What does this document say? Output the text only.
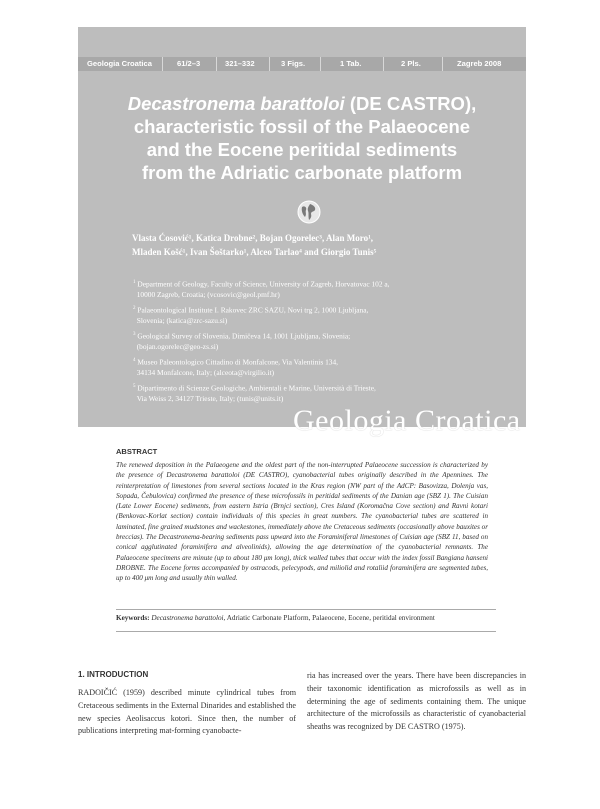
Geologia Croatica	61/2–3	321–332	3 Figs.	1 Tab.	2 Pls.	Zagreb 2008
Decastronema barattoloi (DE CASTRO),
characteristic fossil of the Palaeocene
and the Eocene peritidal sediments
from the Adriatic carbonate platform
Vlasta Ćosović¹, Katica Drobne², Bojan Ogorelec³, Alan Moro¹,
Mladen Košć¹, Ivan Šoštarko¹, Alceo Tarlao⁴ and Giorgio Tunis⁵
$^1$ Department of Geology, Faculty of Science, University of Zagreb, Horvatovac 102 a,
10000 Zagreb, Croatia; (vcosovic@geol.pmf.hr)
$^2$ Palaeontological Institute I. Rakovec ZRC SAZU, Novi trg 2, 1000 Ljubljana,
Slovenia; (katica@zrc-sazu.si)
$^3$ Geological Survey of Slovenia, Dimičeva 14, 1001 Ljubljana, Slovenia;
(bojan.ogorelec@geo-zs.si)
$^4$ Museo Paleontologico Cittadino di Monfalcone, Via Valentinis 134,
34134 Monfalcone, Italy; (alceota@virgilio.it)
$^5$ Dipartimento di Scienze Geologiche, Ambientali e Marine, Università di Trieste,
Via Weiss 2, 34127 Trieste, Italy; (tunis@units.it)
Geologia Croatica
ABSTRACT
The renewed deposition in the Palaeogene and the oldest part of the non-interrupted Palaeocene succession is characterized by the presence of Decastronema barattoloi (DE CASTRO), cyanobacterial tubes originally described in the Apennines. The reinterpretation of limestones from several sections located in the Kras region (NW part of the AdCP: Basovizza, Dolenja vas, Sopada, Čebulovica) confirmed the presence of these microfossils in peritidal sediments of the Danian age (SBZ 1). The Cuisian (Late Lower Eocene) sediments, from eastern Istria (Brnjci section), Cres Island (Koromačna Cove section) and Ravni kotari (Benkovac-Korlat section) contain individuals of this species in great numbers. The cyanobacterial tubes are scattered in laminated, fine grained mudstones and wackestones, immediately above the Cretaceous sediments (occasionally above bauxites or breccias). The Decastronema-bearing sediments pass upward into the Foraminiferal limestones of Cuisian age (SBZ 11, based on conical agglutinated foraminifera and alveolinids), allowing the age determination of the cyanobacterial remnants. The Palaeocene specimens are minute (up to about 180 μm long), thick walled tubes that occur with the index fossil Bangiana hanseni DROBNE. The Eocene forms accompanied by ostracods, pelecypods, and miliolid and rotaliid foraminifera are segmented tubes, up to 400 μm long and usually thin walled.
Keywords: Decastronema barattoloi, Adriatic Carbonate Platform, Palaeocene, Eocene, peritidal environment
1. INTRODUCTION
RADOIČIĆ (1959) described minute cylindrical tubes from Cretaceous sediments in the External Dinarides and established the new species Aeolisaccus kotori. Since then, the number of publications interpreting mat-forming cyanobacte-
ria has increased over the years. There have been discrepancies in their taxonomic identification as microfossils as well as in determining the age of sediments containing them. The unique architecture of the microfossils as characteristic of cyanobacterial sheaths was recognized by DE CASTRO (1975).
